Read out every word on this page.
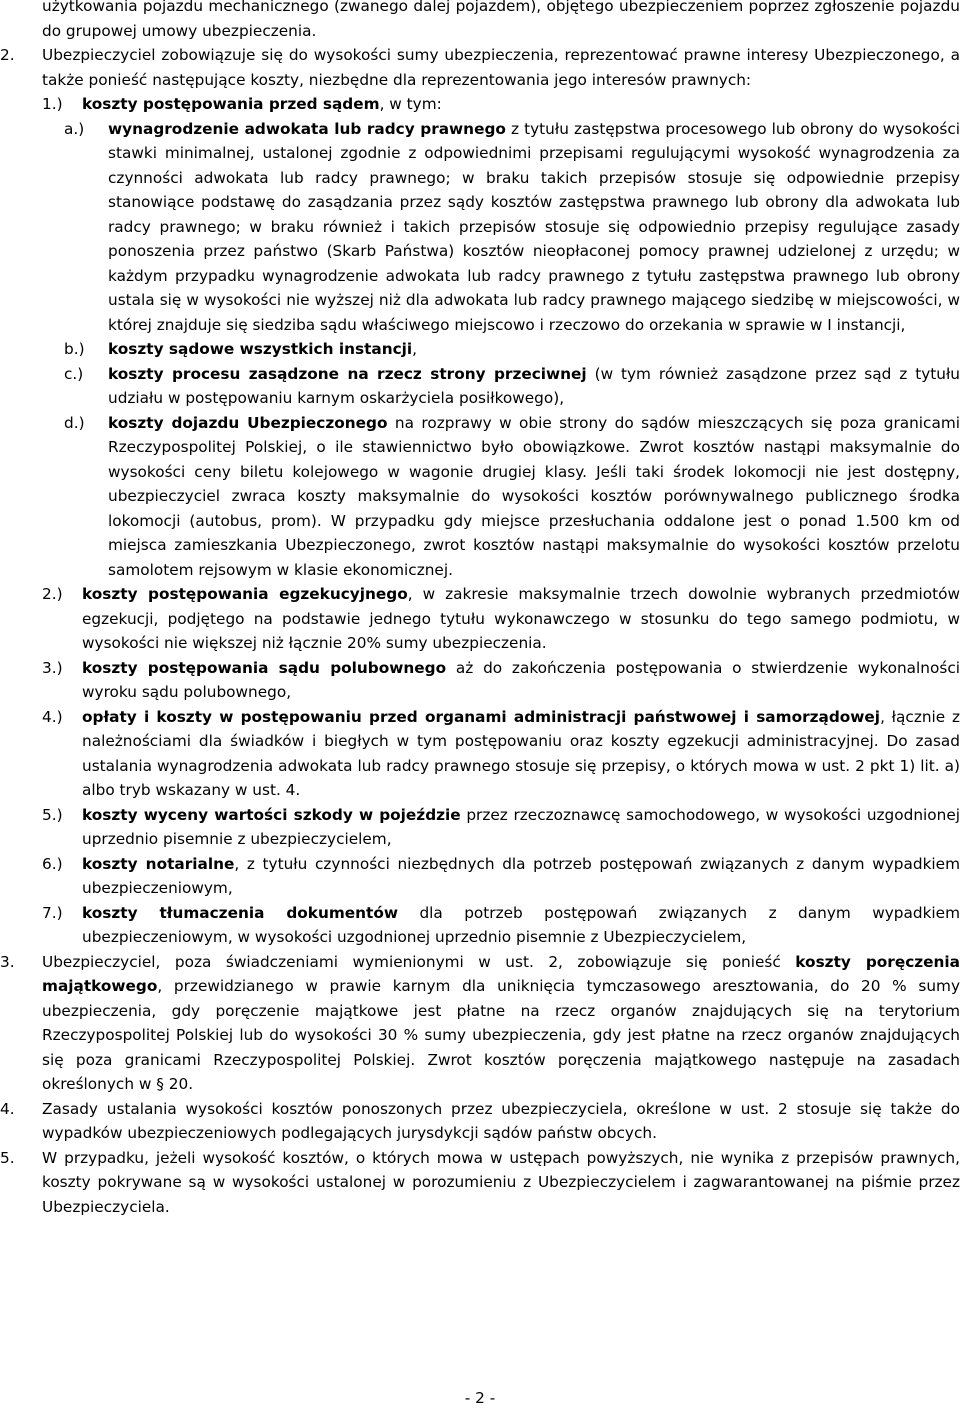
użytkowania pojazdu mechanicznego (zwanego dalej pojazdem), objętego ubezpieczeniem poprzez zgłoszenie pojazdu do grupowej umowy ubezpieczenia.

2. Ubezpieczyciel zobowiązuje się do wysokości sumy ubezpieczenia, reprezentować prawne interesy Ubezpieczonego, a także ponieść następujące koszty, niezbędne dla reprezentowania jego interesów prawnych:
1.) koszty postępowania przed sądem, w tym:
a.) wynagrodzenie adwokata lub radcy prawnego z tytułu zastępstwa procesowego lub obrony do wysokości stawki minimalnej, ustalonej zgodnie z odpowiednimi przepisami regulującymi wysokość wynagrodzenia za czynności adwokata lub radcy prawnego; w braku takich przepisów stosuje się odpowiednie przepisy stanowiące podstawę do zasądzania przez sądy kosztów zastępstwa prawnego lub obrony dla adwokata lub radcy prawnego; w braku również i takich przepisów stosuje się odpowiednio przepisy regulujące zasady ponoszenia przez państwo (Skarb Państwa) kosztów nieopłaconej pomocy prawnej udzielonej z urzędu; w każdym przypadku wynagrodzenie adwokata lub radcy prawnego z tytułu zastępstwa prawnego lub obrony ustala się w wysokości nie wyższej niż dla adwokata lub radcy prawnego mającego siedzibę w miejscowości, w której znajduje się siedziba sądu właściwego miejscowo i rzeczowo do orzekania w sprawie w I instancji,
b.) koszty sądowe wszystkich instancji,
c.) koszty procesu zasądzone na rzecz strony przeciwnej (w tym również zasądzone przez sąd z tytułu udziału w postępowaniu karnym oskarżyciela posiłkowego),
d.) koszty dojazdu Ubezpieczonego na rozprawy w obie strony do sądów mieszczących się poza granicami Rzeczypospolitej Polskiej, o ile stawiennictwo było obowiązkowe. Zwrot kosztów nastąpi maksymalnie do wysokości ceny biletu kolejowego w wagonie drugiej klasy. Jeśli taki środek lokomocji nie jest dostępny, ubezpieczyciel zwraca koszty maksymalnie do wysokości kosztów porównywalnego publicznego środka lokomocji (autobus, prom). W przypadku gdy miejsce przesłuchania oddalone jest o ponad 1.500 km od miejsca zamieszkania Ubezpieczonego, zwrot kosztów nastąpi maksymalnie do wysokości kosztów przelotu samolotem rejsowym w klasie ekonomicznej.
2.) koszty postępowania egzekucyjnego, w zakresie maksymalnie trzech dowolnie wybranych przedmiotów egzekucji, podjętego na podstawie jednego tytułu wykonawczego w stosunku do tego samego podmiotu, w wysokości nie większej niż łącznie 20% sumy ubezpieczenia.
3.) koszty postępowania sądu polubownego aż do zakończenia postępowania o stwierdzenie wykonalności wyroku sądu polubownego,
4.) opłaty i koszty w postępowaniu przed organami administracji państwowej i samorządowej, łącznie z należnościami dla świadków i biegłych w tym postępowaniu oraz koszty egzekucji administracyjnej. Do zasad ustalania wynagrodzenia adwokata lub radcy prawnego stosuje się przepisy, o których mowa w ust. 2 pkt 1) lit. a) albo tryb wskazany w ust. 4.
5.) koszty wyceny wartości szkody w pojeździe przez rzeczoznawcę samochodowego, w wysokości uzgodnionej uprzednio pisemnie z ubezpieczycielem,
6.) koszty notarialne, z tytułu czynności niezbędnych dla potrzeb postępowań związanych z danym wypadkiem ubezpieczeniowym,
7.) koszty tłumaczenia dokumentów dla potrzeb postępowań związanych z danym wypadkiem ubezpieczeniowym, w wysokości uzgodnionej uprzednio pisemnie z Ubezpieczycielem,
3. Ubezpieczyciel, poza świadczeniami wymienionymi w ust. 2, zobowiązuje się ponieść koszty poręczenia majątkowego, przewidzianego w prawie karnym dla uniknięcia tymczasowego aresztowania, do 20 % sumy ubezpieczenia, gdy poręczenie majątkowe jest płatne na rzecz organów znajdujących się na terytorium Rzeczypospolitej Polskiej lub do wysokości 30 % sumy ubezpieczenia, gdy jest płatne na rzecz organów znajdujących się poza granicami Rzeczypospolitej Polskiej. Zwrot kosztów poręczenia majątkowego następuje na zasadach określonych w § 20.
4. Zasady ustalania wysokości kosztów ponoszonych przez ubezpieczyciela, określone w ust. 2 stosuje się także do wypadków ubezpieczeniowych podlegających jurysdykcji sądów państw obcych.
5. W przypadku, jeżeli wysokość kosztów, o których mowa w ustępach powyższych, nie wynika z przepisów prawnych, koszty pokrywane są w wysokości ustalonej w porozumieniu z Ubezpieczycielem i zagwarantowanej na piśmie przez Ubezpieczyciela.
- 2 -
